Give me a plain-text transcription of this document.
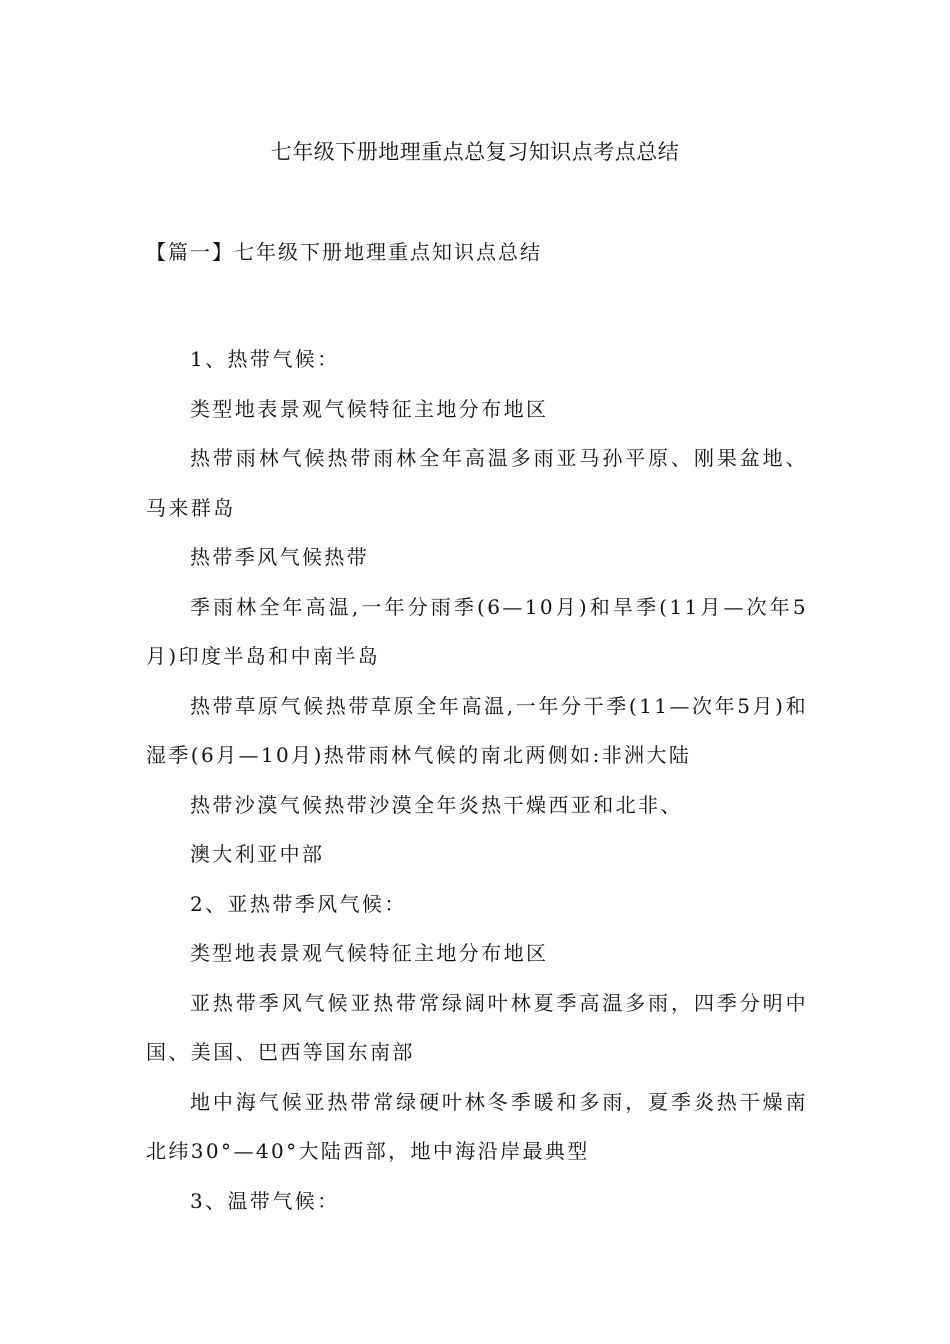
七年级下册地理重点总复习知识点考点总结
【篇一】七年级下册地理重点知识点总结

1、热带气候：

类型地表景观气候特征主地分布地区

热带雨林气候热带雨林全年高温多雨亚马孙平原、刚果盆地、马来群岛

热带季风气候热带

季雨林全年高温,一年分雨季(6—10月)和旱季(11月—次年5月)印度半岛和中南半岛

热带草原气候热带草原全年高温,一年分干季(11—次年5月)和湿季(6月—10月)热带雨林气候的南北两侧如:非洲大陆

热带沙漠气候热带沙漠全年炎热干燥西亚和北非、

澳大利亚中部

2、亚热带季风气候：

类型地表景观气候特征主地分布地区

亚热带季风气候亚热带常绿阔叶林夏季高温多雨，四季分明中国、美国、巴西等国东南部

地中海气候亚热带常绿硬叶林冬季暖和多雨，夏季炎热干燥南北纬30°—40°大陆西部，地中海沿岸最典型

3、温带气候：
